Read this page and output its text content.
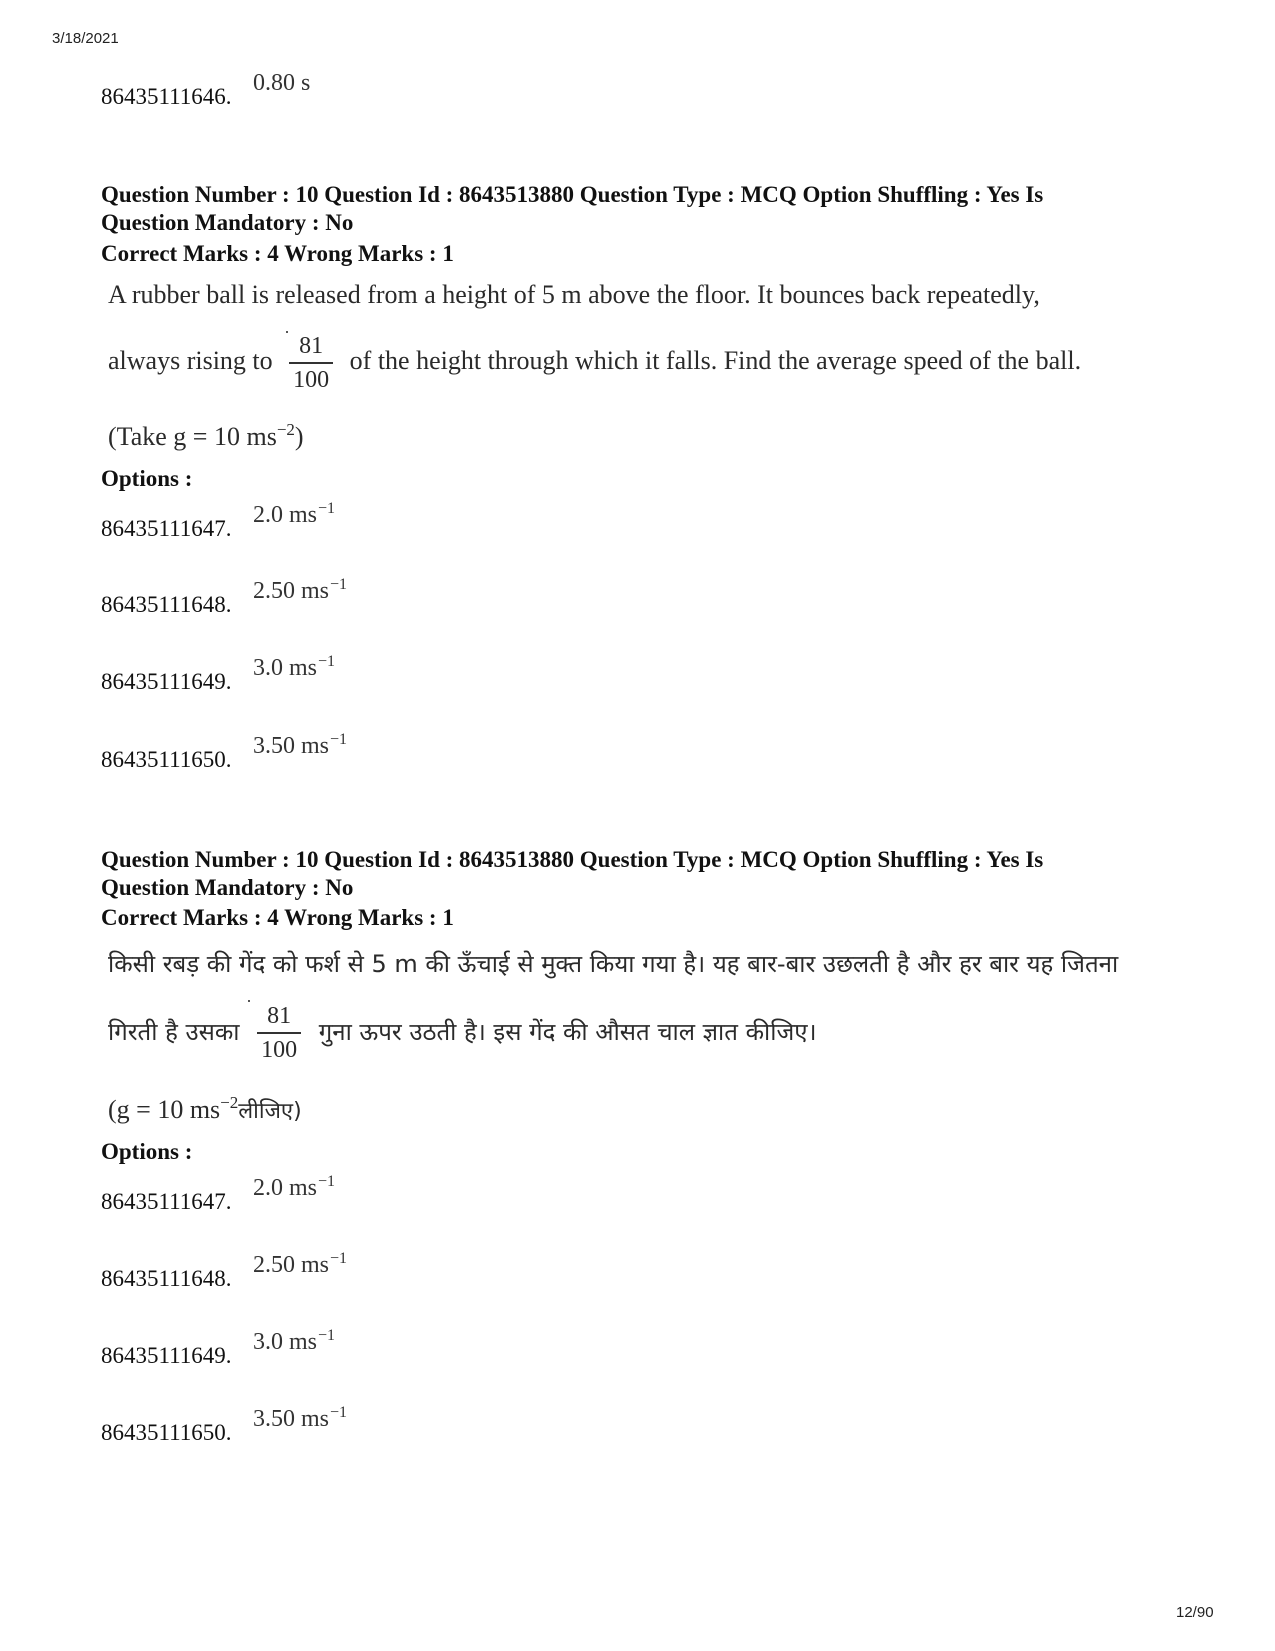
3/18/2021
86435111646.
0.80 s
Question Number : 10 Question Id : 8643513880 Question Type : MCQ Option Shuffling : Yes Is
Question Mandatory : No
Correct Marks : 4 Wrong Marks : 1
A rubber ball is released from a height of 5 m above the floor. It bounces back repeatedly,
always rising to $\frac{81}{100}$ of the height through which it falls. Find the average speed of the ball.
(Take g = 10 $ms^{-2}$)
Options :
86435111647.
2.0 $ms^{-1}$
86435111648.
2.50 $ms^{-1}$
86435111649.
3.0 $ms^{-1}$
86435111650.
3.50 $ms^{-1}$
Question Number : 10 Question Id : 8643513880 Question Type : MCQ Option Shuffling : Yes Is
Question Mandatory : No
Correct Marks : 4 Wrong Marks : 1
किसी रबड़ की गेंद को फर्श से 5 m की ऊँचाई से मुक्त किया गया है। यह बार-बार उछलती है और हर बार यह जितना
गिरती है उसका $\frac{81}{100}$ गुना ऊपर उठती है। इस गेंद की औसत चाल ज्ञात कीजिए।
(g = 10 $ms^{-2}लीजिए$)
Options :
86435111647.
2.0 $ms^{-1}$
86435111648.
2.50 $ms^{-1}$
86435111649.
3.0 $ms^{-1}$
86435111650.
3.50 $ms^{-1}$
12/90
